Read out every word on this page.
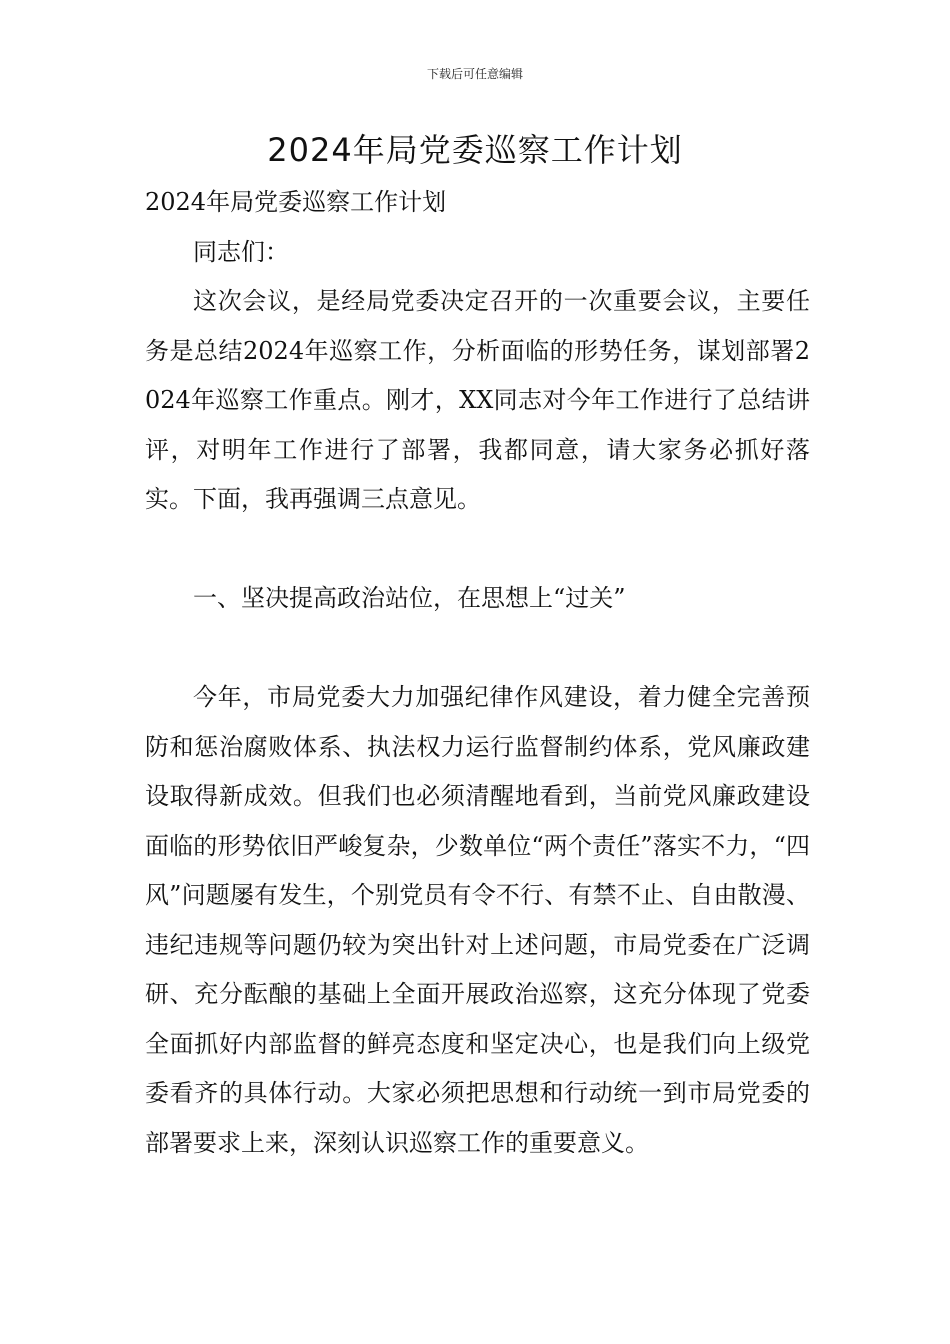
下载后可任意编辑
2024年局党委巡察工作计划

2024年局党委巡察工作计划

同志们：

这次会议，是经局党委决定召开的一次重要会议，主要任务是总结2024年巡察工作，分析面临的形势任务，谋划部署2024年巡察工作重点。刚才，XX同志对今年工作进行了总结讲评，对明年工作进行了部署，我都同意，请大家务必抓好落实。下面，我再强调三点意见。

一、坚决提高政治站位，在思想上“过关”

今年，市局党委大力加强纪律作风建设，着力健全完善预防和惩治腐败体系、执法权力运行监督制约体系，党风廉政建设取得新成效。但我们也必须清醒地看到，当前党风廉政建设面临的形势依旧严峻复杂，少数单位“两个责任”落实不力，“四风”问题屡有发生，个别党员有令不行、有禁不止、自由散漫、违纪违规等问题仍较为突出针对上述问题，市局党委在广泛调研、充分酝酿的基础上全面开展政治巡察，这充分体现了党委全面抓好内部监督的鲜亮态度和坚定决心，也是我们向上级党委看齐的具体行动。大家必须把思想和行动统一到市局党委的部署要求上来，深刻认识巡察工作的重要意义。
